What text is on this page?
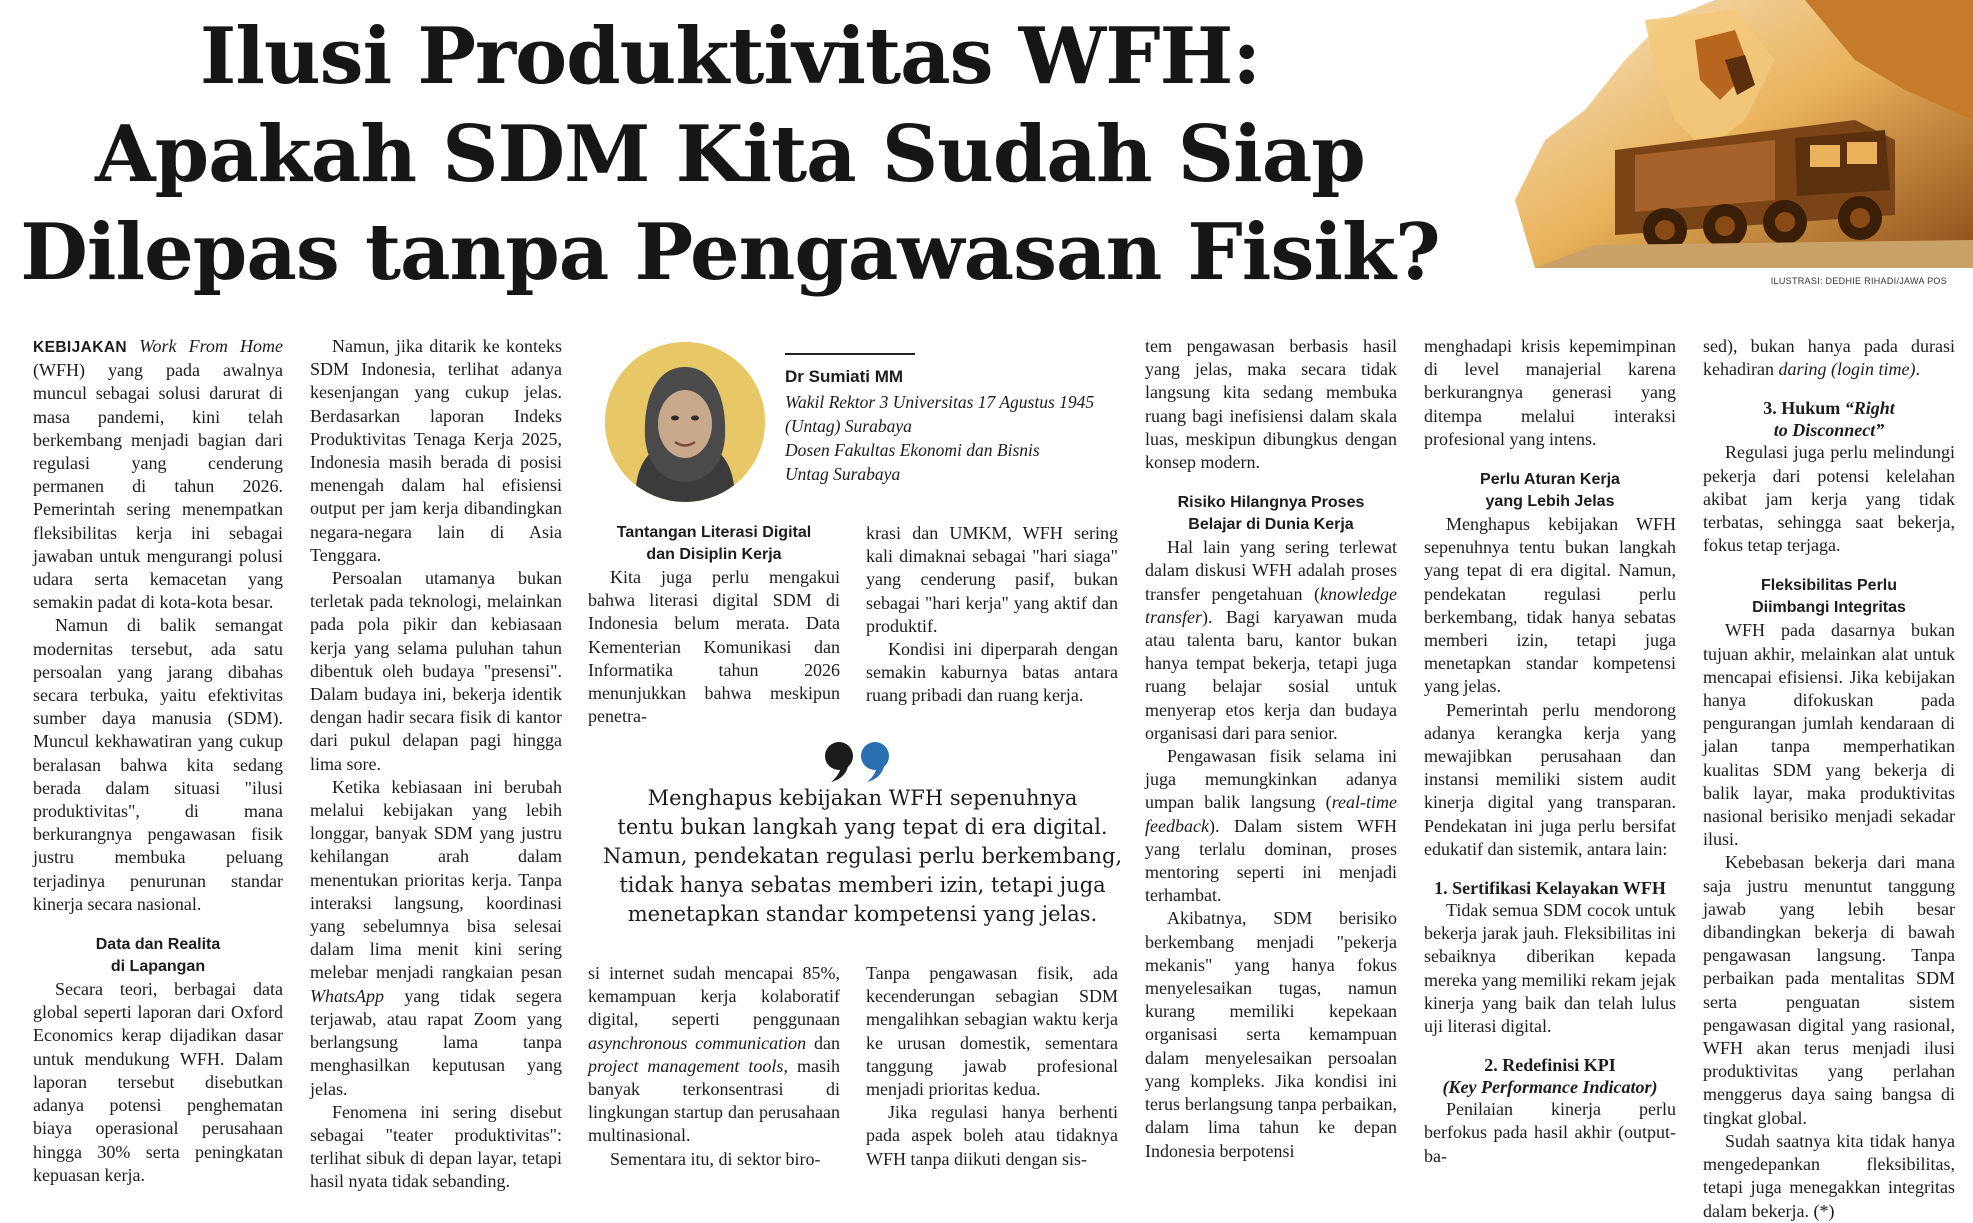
Ilusi Produktivitas WFH:
Apakah SDM Kita Sudah Siap
Dilepas tanpa Pengawasan Fisik?	ILUSTRASI: DEDHIE RIHADI/JAWA POS

KEBIJAKAN Work From Home (WFH) yang pada awalnya muncul sebagai solusi darurat di masa pandemi, kini telah berkembang menjadi bagian dari regulasi yang cenderung permanen di tahun 2026. Pemerintah sering menempatkan fleksibilitas kerja ini sebagai jawaban untuk mengurangi polusi udara serta kemacetan yang semakin padat di kota-kota besar.

Namun di balik semangat modernitas tersebut, ada satu persoalan yang jarang dibahas secara terbuka, yaitu efektivitas sumber daya manusia (SDM). Muncul kekhawatiran yang cukup beralasan bahwa kita sedang berada dalam situasi "ilusi produktivitas", di mana berkurangnya pengawasan fisik justru membuka peluang terjadinya penurunan standar kinerja secara nasional.

Data dan Realita
di Lapangan

Secara teori, berbagai data global seperti laporan dari Oxford Economics kerap dijadikan dasar untuk mendukung WFH. Dalam laporan tersebut disebutkan adanya potensi penghematan biaya operasional perusahaan hingga 30% serta peningkatan kepuasan kerja.

Namun, jika ditarik ke konteks SDM Indonesia, terlihat adanya kesenjangan yang cukup jelas. Berdasarkan laporan Indeks Produktivitas Tenaga Kerja 2025, Indonesia masih berada di posisi menengah dalam hal efisiensi output per jam kerja dibandingkan negara-negara lain di Asia Tenggara.

Persoalan utamanya bukan terletak pada teknologi, melainkan pada pola pikir dan kebiasaan kerja yang selama puluhan tahun dibentuk oleh budaya "presensi". Dalam budaya ini, bekerja identik dengan hadir secara fisik di kantor dari pukul delapan pagi hingga lima sore.

Ketika kebiasaan ini berubah melalui kebijakan yang lebih longgar, banyak SDM yang justru kehilangan arah dalam menentukan prioritas kerja. Tanpa interaksi langsung, koordinasi yang sebelumnya bisa selesai dalam lima menit kini sering melebar menjadi rangkaian pesan WhatsApp yang tidak segera terjawab, atau rapat Zoom yang berlangsung lama tanpa menghasilkan keputusan yang jelas.

Fenomena ini sering disebut sebagai "teater produktivitas": terlihat sibuk di depan layar, tetapi hasil nyata tidak sebanding.

Dr Sumiati MM
Wakil Rektor 3 Universitas 17 Agustus 1945
(Untag) Surabaya
Dosen Fakultas Ekonomi dan Bisnis
Untag Surabaya
Tantangan Literasi Digital
dan Disiplin Kerja

Kita juga perlu mengakui bahwa literasi digital SDM di Indonesia belum merata. Data Kementerian Komunikasi dan Informatika tahun 2026 menunjukkan bahwa meskipun penetra-

krasi dan UMKM, WFH sering kali dimaknai sebagai "hari siaga" yang cenderung pasif, bukan sebagai "hari kerja" yang aktif dan produktif.

Kondisi ini diperparah dengan semakin kaburnya batas antara ruang pribadi dan ruang kerja.

Menghapus kebijakan WFH sepenuhnya
tentu bukan langkah yang tepat di era digital.
Namun, pendekatan regulasi perlu berkembang,
tidak hanya sebatas memberi izin, tetapi juga
menetapkan standar kompetensi yang jelas.

si internet sudah mencapai 85%, kemampuan kerja kolaboratif digital, seperti penggunaan asynchronous communication dan project management tools, masih banyak terkonsentrasi di lingkungan startup dan perusahaan multinasional.

Sementara itu, di sektor biro-

Tanpa pengawasan fisik, ada kecenderungan sebagian SDM mengalihkan sebagian waktu kerja ke urusan domestik, sementara tanggung jawab profesional menjadi prioritas kedua.

Jika regulasi hanya berhenti pada aspek boleh atau tidaknya WFH tanpa diikuti dengan sis-

tem pengawasan berbasis hasil yang jelas, maka secara tidak langsung kita sedang membuka ruang bagi inefisiensi dalam skala luas, meskipun dibungkus dengan konsep modern.

Risiko Hilangnya Proses
Belajar di Dunia Kerja

Hal lain yang sering terlewat dalam diskusi WFH adalah proses transfer pengetahuan (knowledge transfer). Bagi karyawan muda atau talenta baru, kantor bukan hanya tempat bekerja, tetapi juga ruang belajar sosial untuk menyerap etos kerja dan budaya organisasi dari para senior.

Pengawasan fisik selama ini juga memungkinkan adanya umpan balik langsung (real-time feedback). Dalam sistem WFH yang terlalu dominan, proses mentoring seperti ini menjadi terhambat.

Akibatnya, SDM berisiko berkembang menjadi "pekerja mekanis" yang hanya fokus menyelesaikan tugas, namun kurang memiliki kepekaan organisasi serta kemampuan dalam menyelesaikan persoalan yang kompleks. Jika kondisi ini terus berlangsung tanpa perbaikan, dalam lima tahun ke depan Indonesia berpotensi

menghadapi krisis kepemimpinan di level manajerial karena berkurangnya generasi yang ditempa melalui interaksi profesional yang intens.

Perlu Aturan Kerja
yang Lebih Jelas

Menghapus kebijakan WFH sepenuhnya tentu bukan langkah yang tepat di era digital. Namun, pendekatan regulasi perlu berkembang, tidak hanya sebatas memberi izin, tetapi juga menetapkan standar kompetensi yang jelas.

Pemerintah perlu mendorong adanya kerangka kerja yang mewajibkan perusahaan dan instansi memiliki sistem audit kinerja digital yang transparan. Pendekatan ini juga perlu bersifat edukatif dan sistemik, antara lain:

1. Sertifikasi Kelayakan WFH

Tidak semua SDM cocok untuk bekerja jarak jauh. Fleksibilitas ini sebaiknya diberikan kepada mereka yang memiliki rekam jejak kinerja yang baik dan telah lulus uji literasi digital.

2. Redefinisi KPI
(Key Performance Indicator)

Penilaian kinerja perlu berfokus pada hasil akhir (output-ba-

sed), bukan hanya pada durasi kehadiran daring (login time).

3. Hukum “Right
to Disconnect”

Regulasi juga perlu melindungi pekerja dari potensi kelelahan akibat jam kerja yang tidak terbatas, sehingga saat bekerja, fokus tetap terjaga.

Fleksibilitas Perlu
Diimbangi Integritas

WFH pada dasarnya bukan tujuan akhir, melainkan alat untuk mencapai efisiensi. Jika kebijakan hanya difokuskan pada pengurangan jumlah kendaraan di jalan tanpa memperhatikan kualitas SDM yang bekerja di balik layar, maka produktivitas nasional berisiko menjadi sekadar ilusi.

Kebebasan bekerja dari mana saja justru menuntut tanggung jawab yang lebih besar dibandingkan bekerja di bawah pengawasan langsung. Tanpa perbaikan pada mentalitas SDM serta penguatan sistem pengawasan digital yang rasional, WFH akan terus menjadi ilusi produktivitas yang perlahan menggerus daya saing bangsa di tingkat global.

Sudah saatnya kita tidak hanya mengedepankan fleksibilitas, tetapi juga menegakkan integritas dalam bekerja. (*)
